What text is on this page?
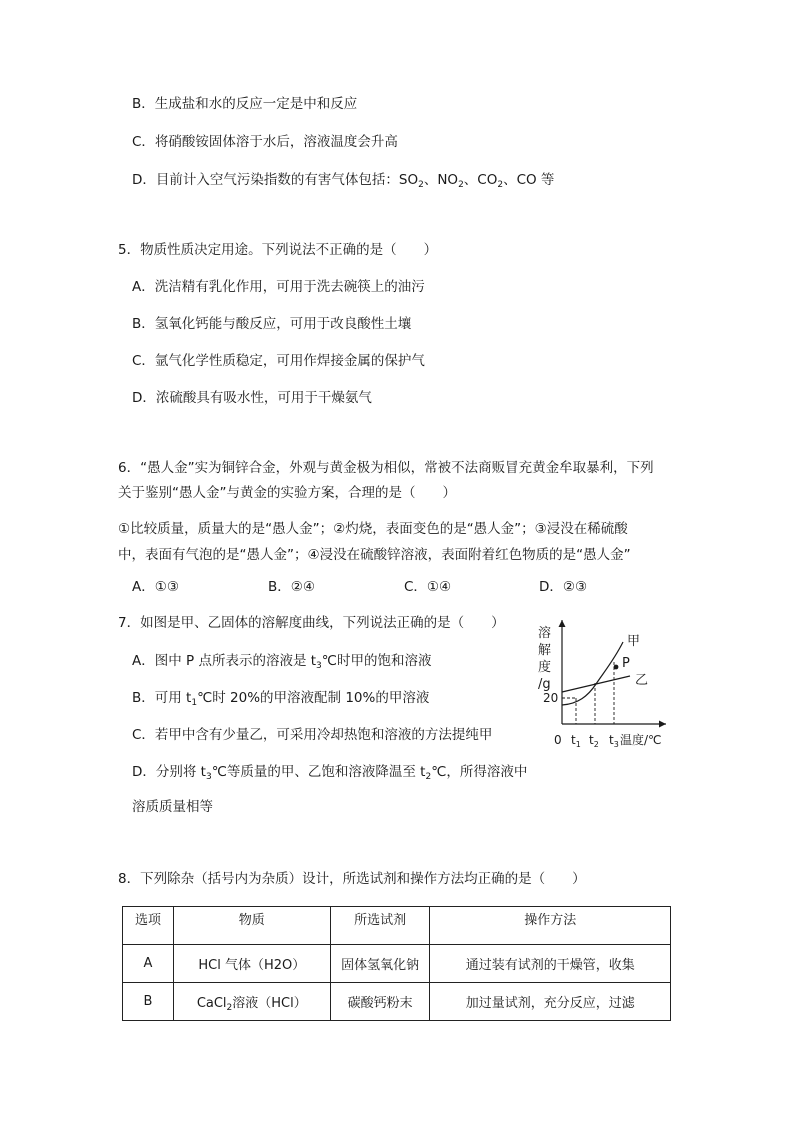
B．生成盐和水的反应一定是中和反应
C．将硝酸铵固体溶于水后，溶液温度会升高
D．目前计入空气污染指数的有害气体包括：$SO_2$、$NO_2$、$CO_2$、CO 等
5．物质性质决定用途。下列说法不正确的是（　　）
A．洗洁精有乳化作用，可用于洗去碗筷上的油污
B．氢氧化钙能与酸反应，可用于改良酸性土壤
C．氩气化学性质稳定，可用作焊接金属的保护气
D．浓硫酸具有吸水性，可用于干燥氨气
6．“愚人金”实为铜锌合金，外观与黄金极为相似，常被不法商贩冒充黄金牟取暴利，下列
关于鉴别“愚人金”与黄金的实验方案，合理的是（　　）
①比较质量，质量大的是“愚人金”；②灼烧，表面变色的是“愚人金”；③浸没在稀硫酸
中，表面有气泡的是“愚人金”；④浸没在硫酸锌溶液，表面附着红色物质的是“愚人金”
A．①③	B．②④	C．①④	D．②③
7．如图是甲、乙固体的溶解度曲线，下列说法正确的是（　　）
A．图中 P 点所表示的溶液是 $t_3℃$时甲的饱和溶液
B．可用 $t_1℃$时 20%的甲溶液配制 10%的甲溶液
C．若甲中含有少量乙，可采用冷却热饱和溶液的方法提纯甲
D．分别将 $t_3℃$等质量的甲、乙饱和溶液降温至 $t_2℃$，所得溶液中
溶质质量相等
溶
解
度
/g
20
P
甲
乙
0 $t_1$ $t_2$ $t_3$ 温度/℃
8．下列除杂（括号内为杂质）设计，所选试剂和操作方法均正确的是（　　）
选项	物质	所选试剂	操作方法
A	HCl 气体（H2O）	固体氢氧化钠	通过装有试剂的干燥管，收集
B	CaCl$_2$溶液（HCl）	碳酸钙粉末	加过量试剂，充分反应，过滤
